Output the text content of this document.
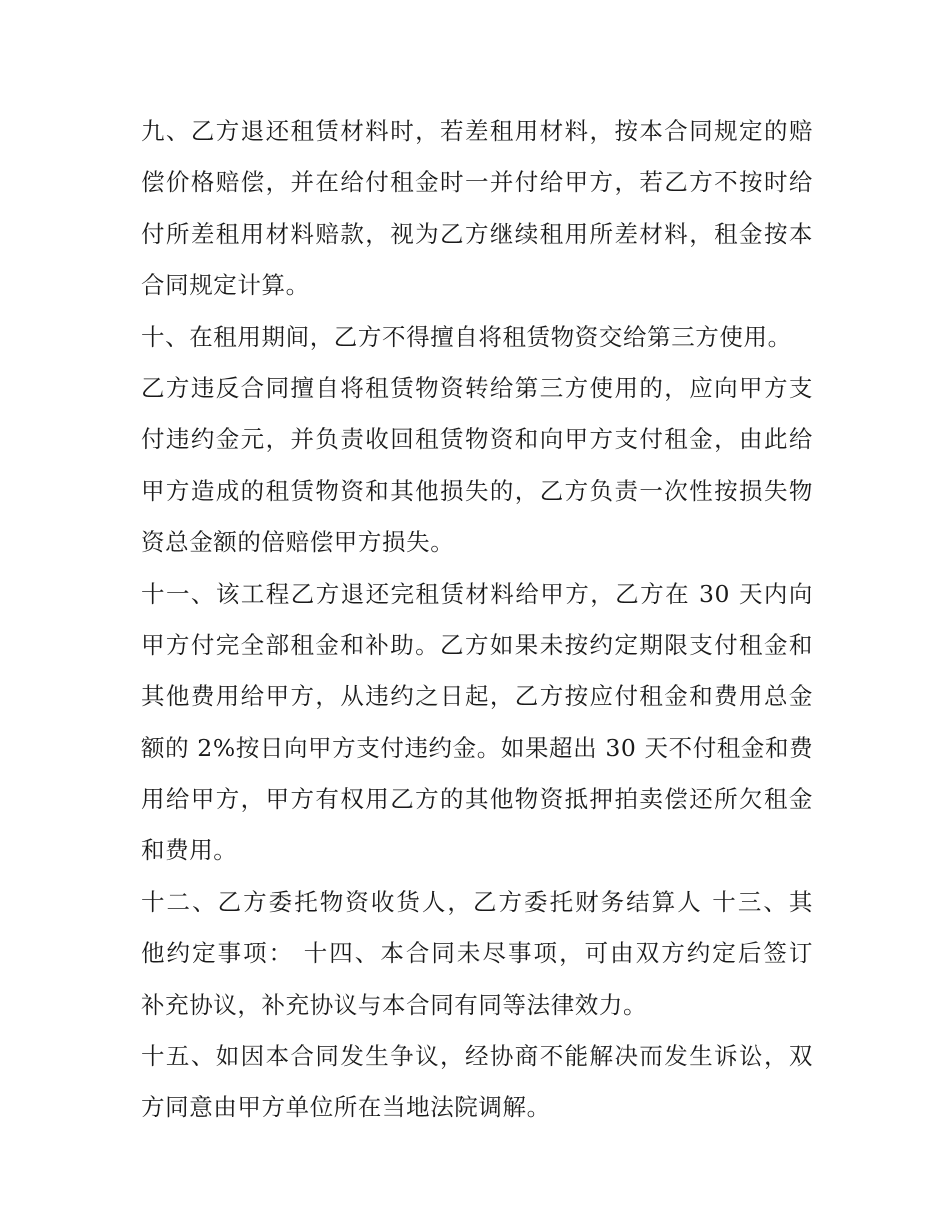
九、乙方退还租赁材料时，若差租用材料，按本合同规定的赔
偿价格赔偿，并在给付租金时一并付给甲方，若乙方不按时给
付所差租用材料赔款，视为乙方继续租用所差材料，租金按本
合同规定计算。
十、在租用期间，乙方不得擅自将租赁物资交给第三方使用。
乙方违反合同擅自将租赁物资转给第三方使用的，应向甲方支
付违约金元，并负责收回租赁物资和向甲方支付租金，由此给
甲方造成的租赁物资和其他损失的，乙方负责一次性按损失物
资总金额的倍赔偿甲方损失。
十一、该工程乙方退还完租赁材料给甲方，乙方在 30 天内向
甲方付完全部租金和补助。乙方如果未按约定期限支付租金和
其他费用给甲方，从违约之日起，乙方按应付租金和费用总金
额的 2%按日向甲方支付违约金。如果超出 30 天不付租金和费
用给甲方，甲方有权用乙方的其他物资抵押拍卖偿还所欠租金
和费用。
十二、乙方委托物资收货人，乙方委托财务结算人 十三、其
他约定事项： 十四、本合同未尽事项，可由双方约定后签订
补充协议，补充协议与本合同有同等法律效力。
十五、如因本合同发生争议，经协商不能解决而发生诉讼，双
方同意由甲方单位所在当地法院调解。
